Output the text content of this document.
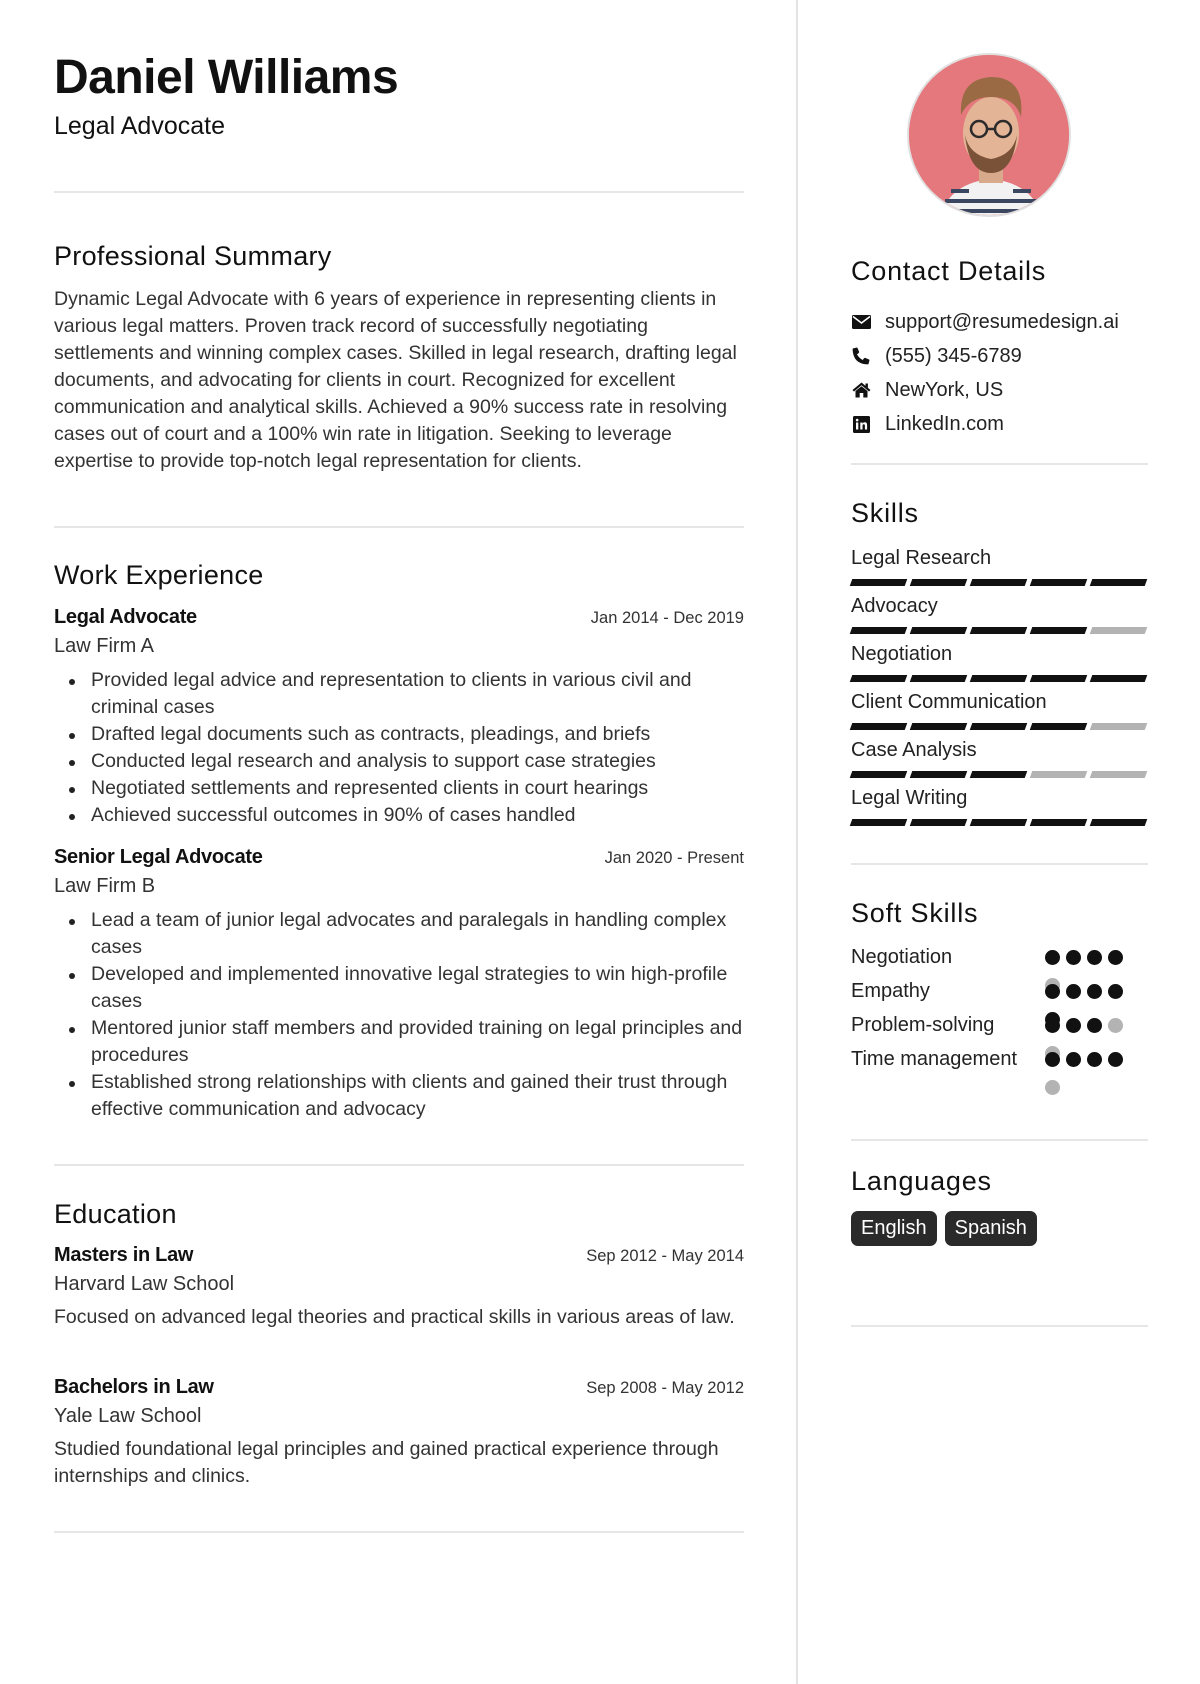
Daniel Williams
Legal Advocate
Professional Summary

Dynamic Legal Advocate with 6 years of experience in representing clients in various legal matters. Proven track record of successfully negotiating settlements and winning complex cases. Skilled in legal research, drafting legal documents, and advocating for clients in court. Recognized for excellent communication and analytical skills. Achieved a 90% success rate in resolving cases out of court and a 100% win rate in litigation. Seeking to leverage expertise to provide top-notch legal representation for clients.

Work Experience
Legal Advocate	Jan 2014 - Dec 2019
Law Firm A
Provided legal advice and representation to clients in various civil and criminal cases
Drafted legal documents such as contracts, pleadings, and briefs
Conducted legal research and analysis to support case strategies
Negotiated settlements and represented clients in court hearings
Achieved successful outcomes in 90% of cases handled
Senior Legal Advocate	Jan 2020 - Present
Law Firm B
Lead a team of junior legal advocates and paralegals in handling complex cases
Developed and implemented innovative legal strategies to win high-profile cases
Mentored junior staff members and provided training on legal principles and procedures
Established strong relationships with clients and gained their trust through effective communication and advocacy
Education
Masters in Law	Sep 2012 - May 2014
Harvard Law School

Focused on advanced legal theories and practical skills in various areas of law.

Bachelors in Law	Sep 2008 - May 2012
Yale Law School

Studied foundational legal principles and gained practical experience through internships and clinics.

Contact Details
support@resumedesign.ai
(555) 345-6789
NewYork, US
LinkedIn.com
Skills
Legal Research
Advocacy
Negotiation
Client Communication
Case Analysis
Legal Writing
Soft Skills
Negotiation
Empathy
Problem-solving
Time management
Languages
English	Spanish
